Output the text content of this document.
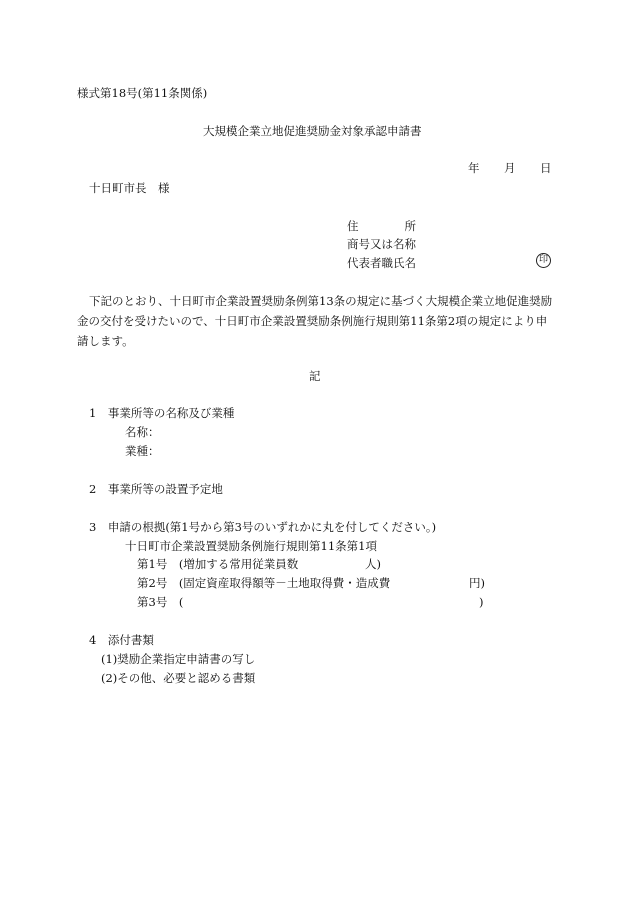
様式第18号(第11条関係)
大規模企業立地促進奨励金対象承認申請書
年 月 日
十日町市長　様
住　　　　所
商号又は名称
代表者職氏名	印
下記のとおり、十日町市企業設置奨励条例第13条の規定に基づく大規模企業立地促進奨励金の交付を受けたいので、十日町市企業設置奨励条例施行規則第11条第2項の規定により申請します。
記
1　事業所等の名称及び業種
名称：
業種：
2　事業所等の設置予定地
3　申請の根拠(第1号から第3号のいずれかに丸を付してください。)
十日町市企業設置奨励条例施行規則第11条第1項
第1号　(増加する常用従業員数	人)
第2号　(固定資産取得額等－土地取得費・造成費	円)
第3号　(	)
4　添付書類
(1)奨励企業指定申請書の写し
(2)その他、必要と認める書類
